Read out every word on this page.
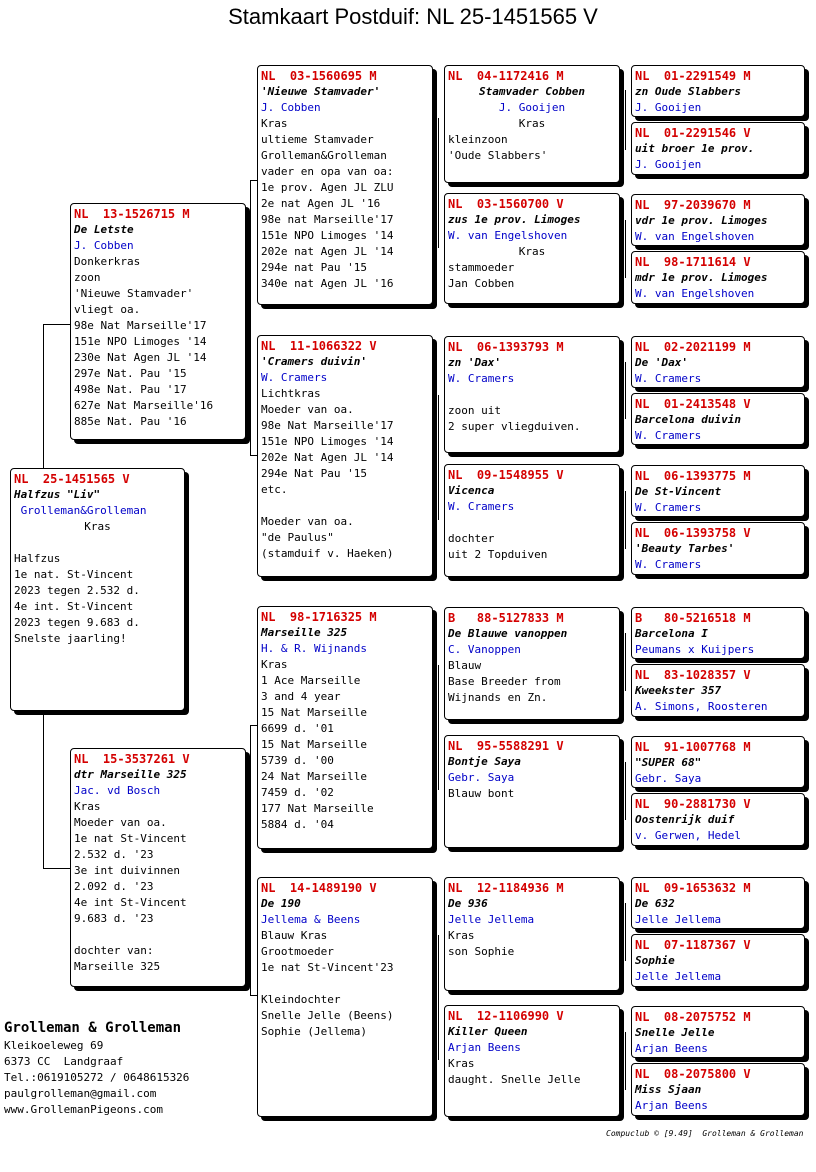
Stamkaart Postduif: NL 25-1451565 V
NL  25-1451565 V
Halfzus "Liv"
Grolleman&Grolleman
Kras
Halfzus
1e nat. St-Vincent
2023 tegen 2.532 d.
4e int. St-Vincent
2023 tegen 9.683 d.
Snelste jaarling!
NL  13-1526715 M
De Letste
J. Cobben
Donkerkras
zoon
'Nieuwe Stamvader'
vliegt oa.
98e Nat Marseille'17
151e NPO Limoges '14
230e Nat Agen JL '14
297e Nat. Pau '15
498e Nat. Pau '17
627e Nat Marseille'16
885e Nat. Pau '16
NL  15-3537261 V
dtr Marseille 325
Jac. vd Bosch
Kras
Moeder van oa.
1e nat St-Vincent
2.532 d. '23
3e int duivinnen
2.092 d. '23
4e int St-Vincent
9.683 d. '23
dochter van:
Marseille 325
NL  03-1560695 M
'Nieuwe Stamvader'
J. Cobben
Kras
ultieme Stamvader
Grolleman&Grolleman
vader en opa van oa:
1e prov. Agen JL ZLU
2e nat Agen JL '16
98e nat Marseille'17
151e NPO Limoges '14
202e nat Agen JL '14
294e nat Pau '15
340e nat Agen JL '16
NL  11-1066322 V
'Cramers duivin'
W. Cramers
Lichtkras
Moeder van oa.
98e Nat Marseille'17
151e NPO Limoges '14
202e Nat Agen JL '14
294e Nat Pau '15
etc.
Moeder van oa.
"de Paulus"
(stamduif v. Haeken)
NL  98-1716325 M
Marseille 325
H. & R. Wijnands
Kras
1 Ace Marseille
3 and 4 year
15 Nat Marseille
6699 d. '01
15 Nat Marseille
5739 d. '00
24 Nat Marseille
7459 d. '02
177 Nat Marseille
5884 d. '04
NL  14-1489190 V
De 190
Jellema & Beens
Blauw Kras
Grootmoeder
1e nat St-Vincent'23
Kleindochter
Snelle Jelle (Beens)
Sophie (Jellema)
NL  04-1172416 M
Stamvader Cobben
J. Gooijen
Kras
kleinzoon
'Oude Slabbers'
NL  03-1560700 V
zus 1e prov. Limoges
W. van Engelshoven
Kras
stammoeder
Jan Cobben
NL  06-1393793 M
zn 'Dax'
W. Cramers
zoon uit
2 super vliegduiven.
NL  09-1548955 V
Vicenca
W. Cramers
dochter
uit 2 Topduiven
B   88-5127833 M
De Blauwe vanoppen
C. Vanoppen
Blauw
Base Breeder from
Wijnands en Zn.
NL  95-5588291 V
Bontje Saya
Gebr. Saya
Blauw bont
NL  12-1184936 M
De 936
Jelle Jellema
Kras
son Sophie
NL  12-1106990 V
Killer Queen
Arjan Beens
Kras
daught. Snelle Jelle
NL  01-2291549 M
zn Oude Slabbers
J. Gooijen
NL  01-2291546 V
uit broer 1e prov.
J. Gooijen
NL  97-2039670 M
vdr 1e prov. Limoges
W. van Engelshoven
NL  98-1711614 V
mdr 1e prov. Limoges
W. van Engelshoven
NL  02-2021199 M
De 'Dax'
W. Cramers
NL  01-2413548 V
Barcelona duivin
W. Cramers
NL  06-1393775 M
De St-Vincent
W. Cramers
NL  06-1393758 V
'Beauty Tarbes'
W. Cramers
B   80-5216518 M
Barcelona I
Peumans x Kuijpers
NL  83-1028357 V
Kweekster 357
A. Simons, Roosteren
NL  91-1007768 M
"SUPER 68"
Gebr. Saya
NL  90-2881730 V
Oostenrijk duif
v. Gerwen, Hedel
NL  09-1653632 M
De 632
Jelle Jellema
NL  07-1187367 V
Sophie
Jelle Jellema
NL  08-2075752 M
Snelle Jelle
Arjan Beens
NL  08-2075800 V
Miss Sjaan
Arjan Beens
Grolleman & Grolleman
Kleikoeleweg 69
6373 CC  Landgraaf
Tel.:0619105272 / 0648615326
paulgrolleman@gmail.com
www.GrollemanPigeons.com
Compuclub © [9.49]  Grolleman & Grolleman
